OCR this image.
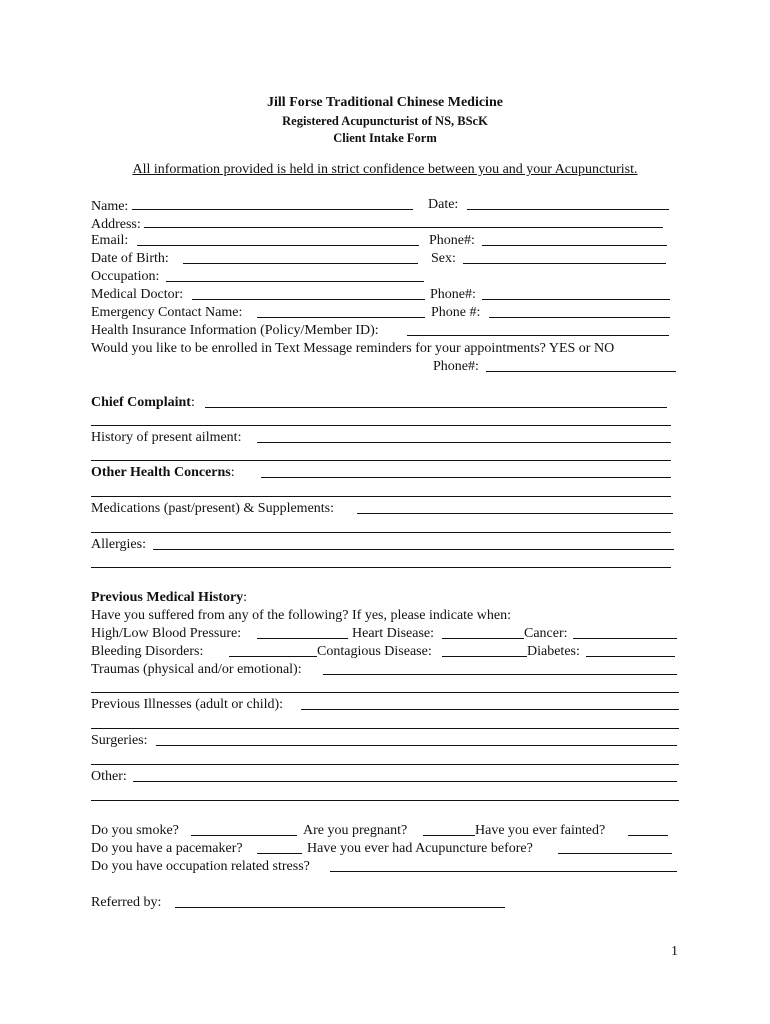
Jill Forse Traditional Chinese Medicine
Registered Acupuncturist of NS, BScK
Client Intake Form
All information provided is held in strict confidence between you and your Acupuncturist.
Name:	Date:
Address:
Email:	Phone#:
Date of Birth:	Sex:
Occupation:
Medical Doctor:	Phone#:
Emergency Contact Name:	Phone #:
Health Insurance Information (Policy/Member ID):
Would you like to be enrolled in Text Message reminders for your appointments? YES or NO
Phone#:
Chief Complaint:
History of present ailment:
Other Health Concerns:
Medications (past/present) & Supplements:
Allergies:
Previous Medical History:
Have you suffered from any of the following? If yes, please indicate when:
High/Low Blood Pressure:	Heart Disease:	Cancer:
Bleeding Disorders:	Contagious Disease:	Diabetes:
Traumas (physical and/or emotional):
Previous Illnesses (adult or child):
Surgeries:
Other:
Do you smoke?	Are you pregnant?	Have you ever fainted?
Do you have a pacemaker?	Have you ever had Acupuncture before?
Do you have occupation related stress?
Referred by:
1
